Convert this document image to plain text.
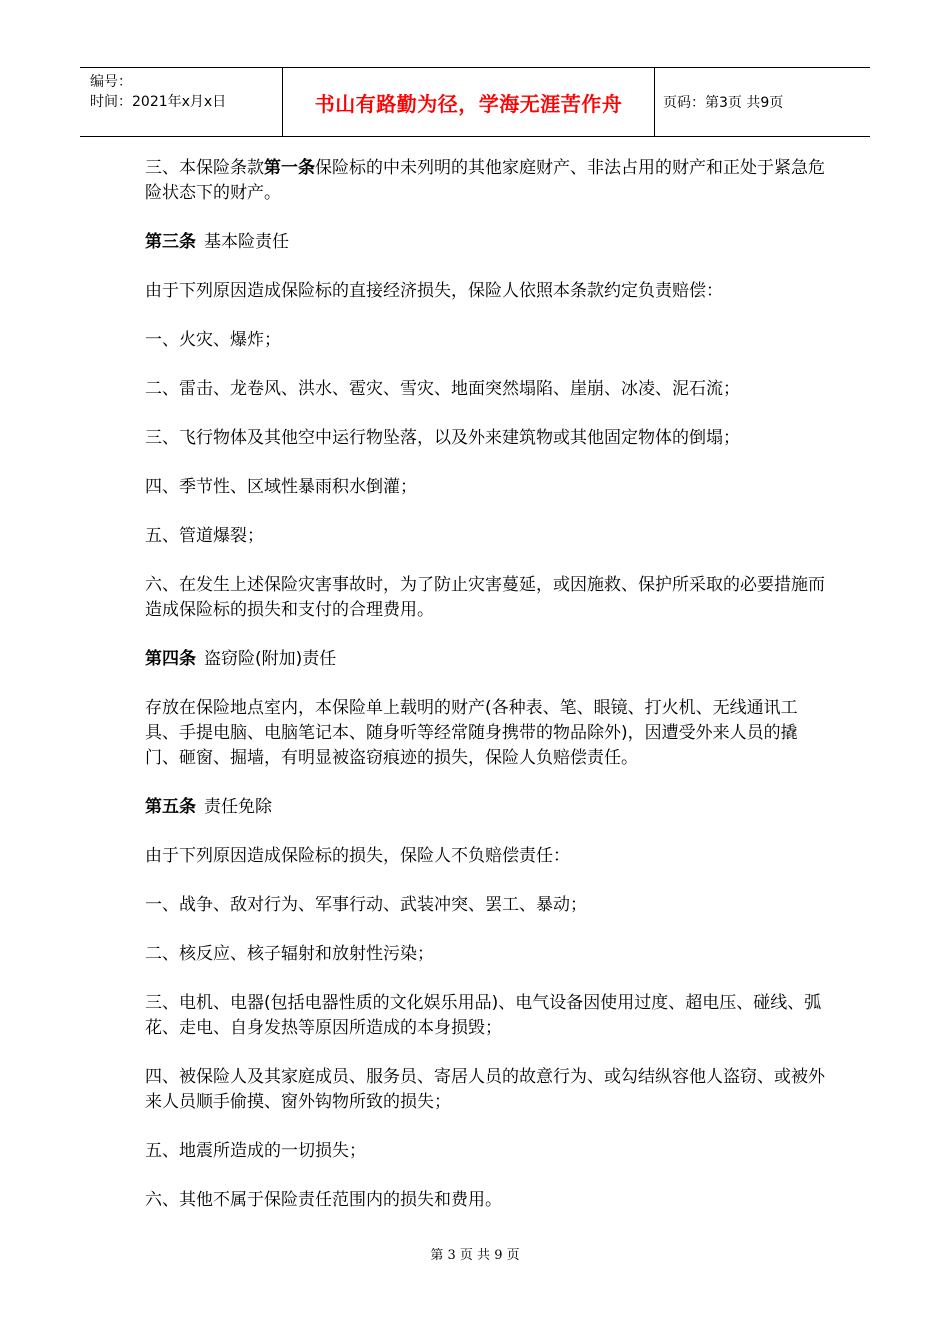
编号：
时间：2021年x月x日	书山有路勤为径，学海无涯苦作舟	页码：第3页 共9页

三、本保险条款第一条保险标的中未列明的其他家庭财产、非法占用的财产和正处于紧急危险状态下的财产。

第三条 基本险责任

由于下列原因造成保险标的直接经济损失，保险人依照本条款约定负责赔偿：

一、火灾、爆炸；

二、雷击、龙卷风、洪水、雹灾、雪灾、地面突然塌陷、崖崩、冰凌、泥石流；

三、飞行物体及其他空中运行物坠落，以及外来建筑物或其他固定物体的倒塌；

四、季节性、区域性暴雨积水倒灌；

五、管道爆裂；

六、在发生上述保险灾害事故时，为了防止灾害蔓延，或因施救、保护所采取的必要措施而造成保险标的损失和支付的合理费用。

第四条 盗窃险(附加)责任

存放在保险地点室内，本保险单上载明的财产(各种表、笔、眼镜、打火机、无线通讯工具、手提电脑、电脑笔记本、随身听等经常随身携带的物品除外)，因遭受外来人员的撬门、砸窗、掘墙，有明显被盗窃痕迹的损失，保险人负赔偿责任。

第五条 责任免除

由于下列原因造成保险标的损失，保险人不负赔偿责任：

一、战争、敌对行为、军事行动、武装冲突、罢工、暴动；

二、核反应、核子辐射和放射性污染；

三、电机、电器(包括电器性质的文化娱乐用品)、电气设备因使用过度、超电压、碰线、弧花、走电、自身发热等原因所造成的本身损毁；

四、被保险人及其家庭成员、服务员、寄居人员的故意行为、或勾结纵容他人盗窃、或被外来人员顺手偷摸、窗外钩物所致的损失；

五、地震所造成的一切损失；

六、其他不属于保险责任范围内的损失和费用。

第 3 页 共 9 页
